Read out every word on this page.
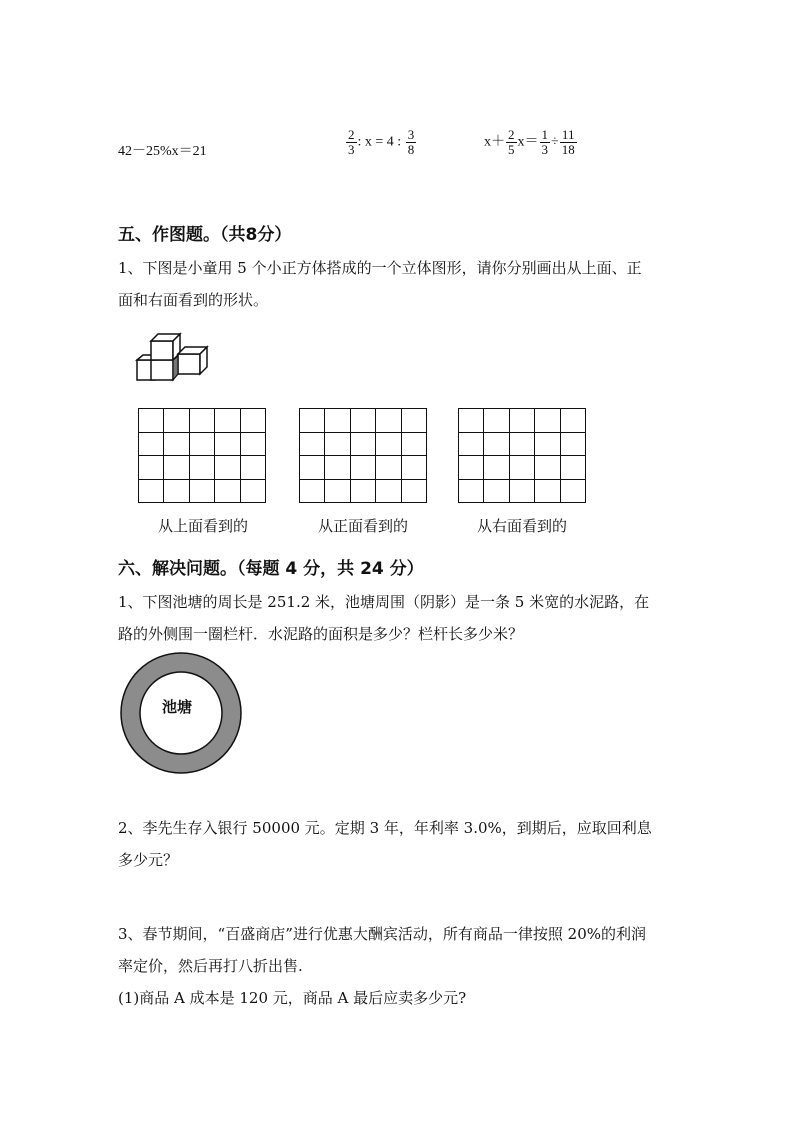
42－25%x＝21	$\frac{2}{3}$ : x = 4 : $\frac{3}{8}$	$x+ \frac{2}{5} x= \frac{1}{3} \div \frac{11}{18}$
五、作图题。（共8分）
1、下图是小童用 5 个小正方体搭成的一个立体图形，请你分别画出从上面、正
面和右面看到的形状。

从上面看到的	从正面看到的	从右面看到的
六、解决问题。（每题 4 分，共 24 分）
1、下图池塘的周长是 251.2 米，池塘周围（阴影）是一条 5 米宽的水泥路，在
路的外侧围一圈栏杆．水泥路的面积是多少？栏杆长多少米？
池塘
2、李先生存入银行 50000 元。定期 3 年，年利率 3.0%，到期后，应取回利息
多少元？
3、春节期间，“百盛商店”进行优惠大酬宾活动，所有商品一律按照 20%的利润
率定价，然后再打八折出售.
(1)商品 A 成本是 120 元，商品 A 最后应卖多少元?
